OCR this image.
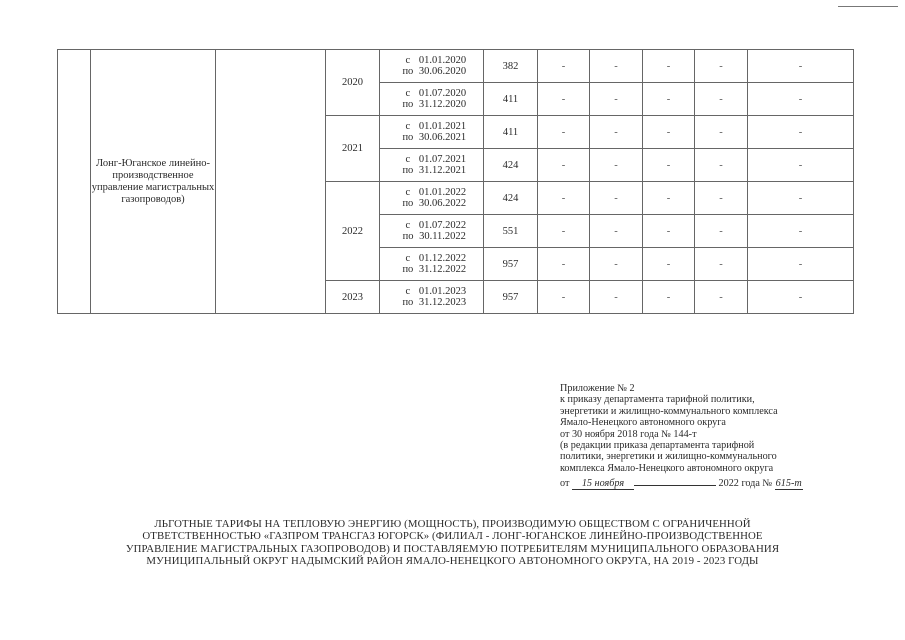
	Лонг-Юганское линейно-производственное управление магистральных газопроводов)		2020	с 01.01.2020
по 30.06.2020	382	-	-	-	-	-

				с 01.07.2020
по 31.12.2020	411	-	-	-	-	-
			2021	с 01.01.2021
по 30.06.2021	411	-	-	-	-	-

				с 01.07.2021
по 31.12.2021	424	-	-	-	-	-
			2022	с 01.01.2022
по 30.06.2022	424	-	-	-	-	-

				с 01.07.2022
по 30.11.2022	551	-	-	-	-	-

				с 01.12.2022
по 31.12.2022	957	-	-	-	-	-
			2023	с 01.01.2023
по 31.12.2023	957	-	-	-	-	-
Приложение № 2
к приказу департамента тарифной политики,
энергетики и жилищно-коммунального комплекса
Ямало-Ненецкого автономного округа
от 30 ноября 2018 года № 144-т
(в редакции приказа департамента тарифной
политики, энергетики и жилищно-коммунального
комплекса Ямало-Ненецкого автономного округа
от 15 ноября	2022 года № 615-т
ЛЬГОТНЫЕ ТАРИФЫ НА ТЕПЛОВУЮ ЭНЕРГИЮ (МОЩНОСТЬ), ПРОИЗВОДИМУЮ ОБЩЕСТВОМ С ОГРАНИЧЕННОЙ
ОТВЕТСТВЕННОСТЬЮ «ГАЗПРОМ ТРАНСГАЗ ЮГОРСК» (ФИЛИАЛ - ЛОНГ-ЮГАНСКОЕ ЛИНЕЙНО-ПРОИЗВОДСТВЕННОЕ
УПРАВЛЕНИЕ МАГИСТРАЛЬНЫХ ГАЗОПРОВОДОВ) И ПОСТАВЛЯЕМУЮ ПОТРЕБИТЕЛЯМ МУНИЦИПАЛЬНОГО ОБРАЗОВАНИЯ
МУНИЦИПАЛЬНЫЙ ОКРУГ НАДЫМСКИЙ РАЙОН ЯМАЛО-НЕНЕЦКОГО АВТОНОМНОГО ОКРУГА, НА 2019 - 2023 ГОДЫ
